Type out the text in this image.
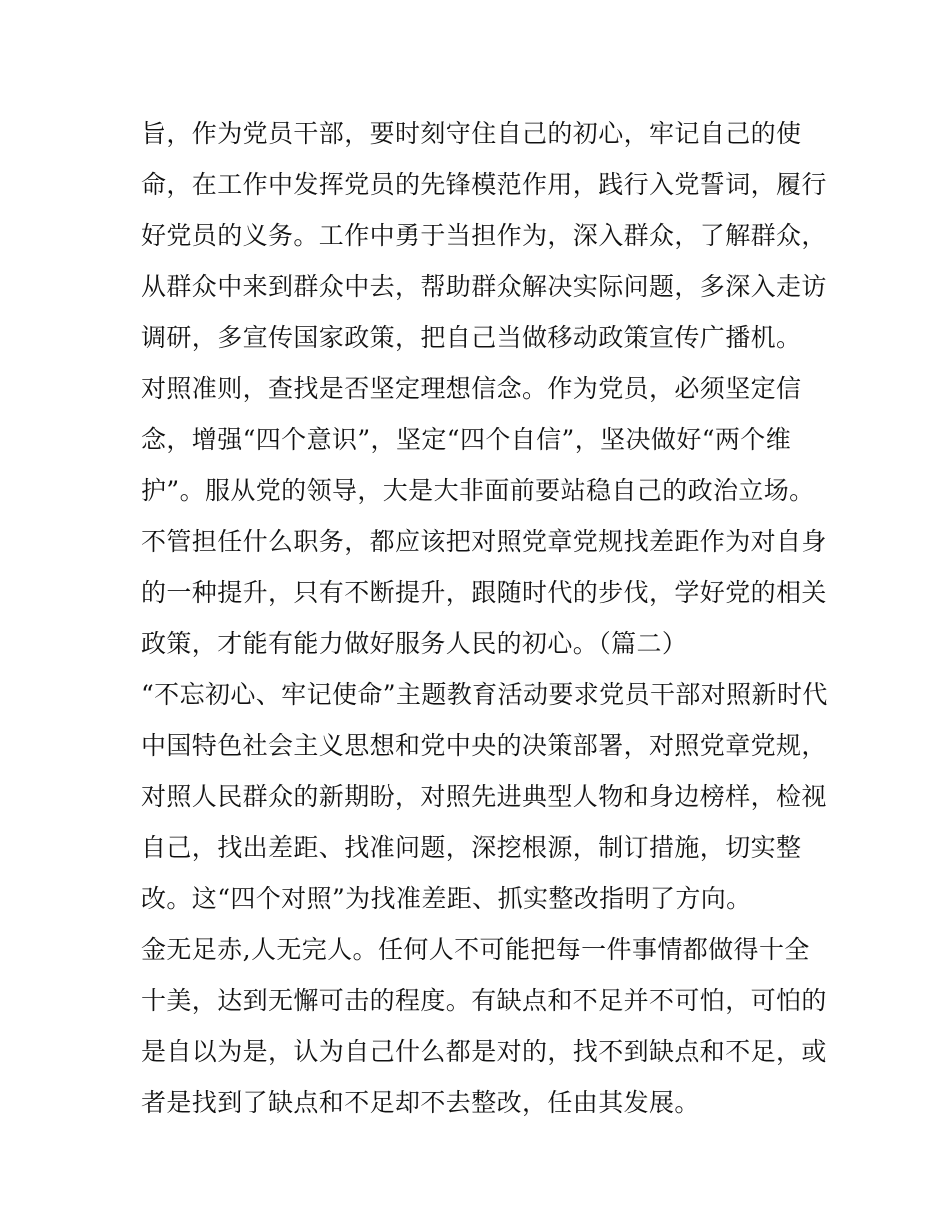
旨，作为党员干部，要时刻守住自己的初心，牢记自己的使
命，在工作中发挥党员的先锋模范作用，践行入党誓词，履行
好党员的义务。工作中勇于当担作为，深入群众，了解群众，
从群众中来到群众中去，帮助群众解决实际问题，多深入走访
调研，多宣传国家政策，把自己当做移动政策宣传广播机。
对照准则，查找是否坚定理想信念。作为党员，必须坚定信
念，增强“四个意识”，坚定“四个自信”，坚决做好“两个维
护”。服从党的领导，大是大非面前要站稳自己的政治立场。
不管担任什么职务，都应该把对照党章党规找差距作为对自身
的一种提升，只有不断提升，跟随时代的步伐，学好党的相关
政策，才能有能力做好服务人民的初心。（篇二）
“不忘初心、牢记使命”主题教育活动要求党员干部对照新时代
中国特色社会主义思想和党中央的决策部署，对照党章党规，
对照人民群众的新期盼，对照先进典型人物和身边榜样，检视
自己，找出差距、找准问题，深挖根源，制订措施，切实整
改。这“四个对照”为找准差距、抓实整改指明了方向。
金无足赤,人无完人。任何人不可能把每一件事情都做得十全
十美，达到无懈可击的程度。有缺点和不足并不可怕，可怕的
是自以为是，认为自己什么都是对的，找不到缺点和不足，或
者是找到了缺点和不足却不去整改，任由其发展。
